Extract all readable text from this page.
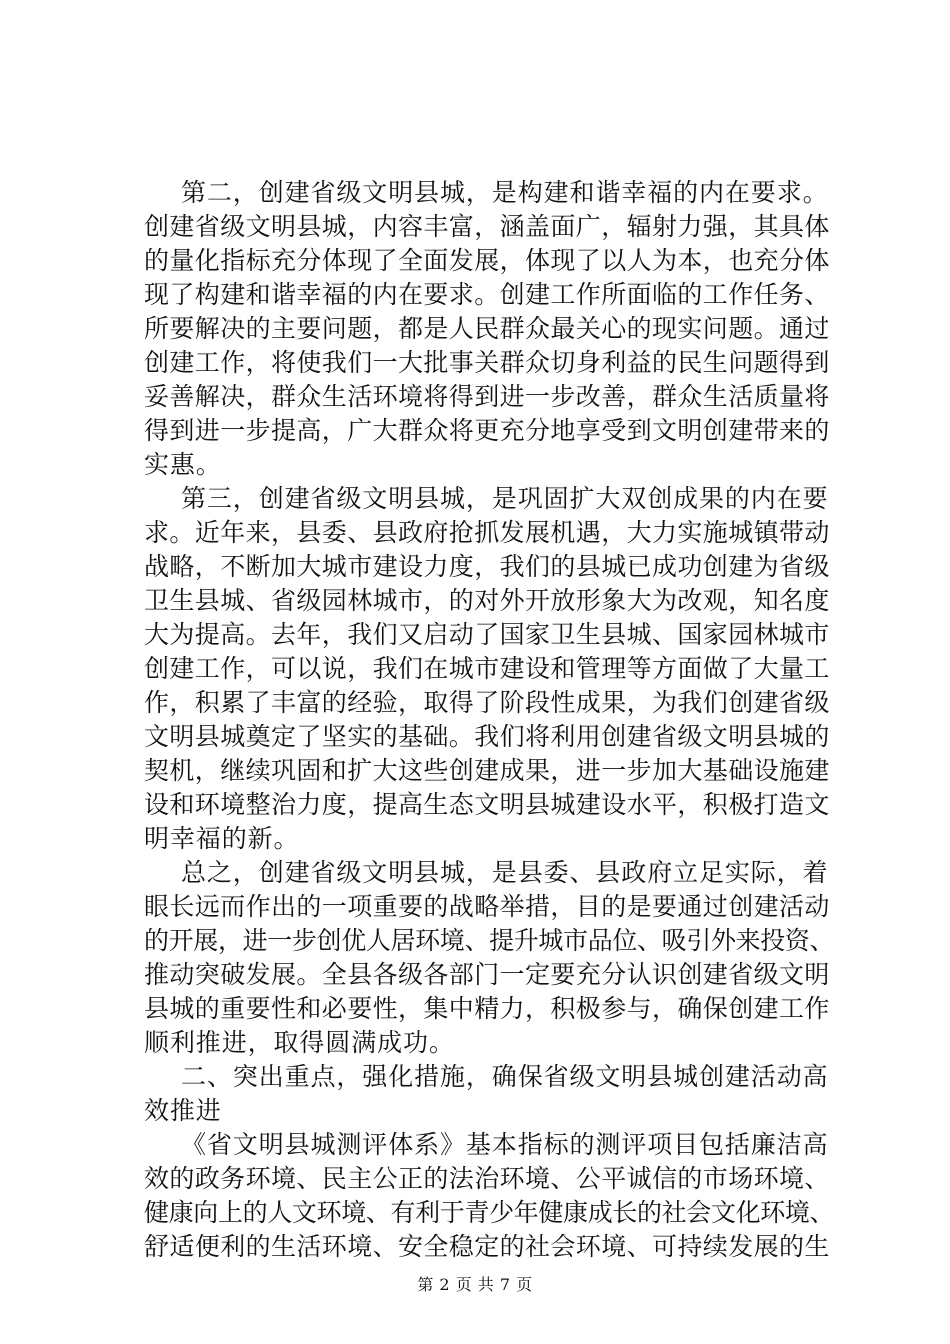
第二，创建省级文明县城，是构建和谐幸福的内在要求。
创建省级文明县城，内容丰富，涵盖面广，辐射力强，其具体
的量化指标充分体现了全面发展，体现了以人为本，也充分体
现了构建和谐幸福的内在要求。创建工作所面临的工作任务、
所要解决的主要问题，都是人民群众最关心的现实问题。通过
创建工作，将使我们一大批事关群众切身利益的民生问题得到
妥善解决，群众生活环境将得到进一步改善，群众生活质量将
得到进一步提高，广大群众将更充分地享受到文明创建带来的
实惠。
第三，创建省级文明县城，是巩固扩大双创成果的内在要
求。近年来，县委、县政府抢抓发展机遇，大力实施城镇带动
战略，不断加大城市建设力度，我们的县城已成功创建为省级
卫生县城、省级园林城市，的对外开放形象大为改观，知名度
大为提高。去年，我们又启动了国家卫生县城、国家园林城市
创建工作，可以说，我们在城市建设和管理等方面做了大量工
作，积累了丰富的经验，取得了阶段性成果，为我们创建省级
文明县城奠定了坚实的基础。我们将利用创建省级文明县城的
契机，继续巩固和扩大这些创建成果，进一步加大基础设施建
设和环境整治力度，提高生态文明县城建设水平，积极打造文
明幸福的新。
总之，创建省级文明县城，是县委、县政府立足实际，着
眼长远而作出的一项重要的战略举措，目的是要通过创建活动
的开展，进一步创优人居环境、提升城市品位、吸引外来投资、
推动突破发展。全县各级各部门一定要充分认识创建省级文明
县城的重要性和必要性，集中精力，积极参与，确保创建工作
顺利推进，取得圆满成功。
二、突出重点，强化措施，确保省级文明县城创建活动高
效推进
《省文明县城测评体系》基本指标的测评项目包括廉洁高
效的政务环境、民主公正的法治环境、公平诚信的市场环境、
健康向上的人文环境、有利于青少年健康成长的社会文化环境、
舒适便利的生活环境、安全稳定的社会环境、可持续发展的生
第 2 页 共 7 页
